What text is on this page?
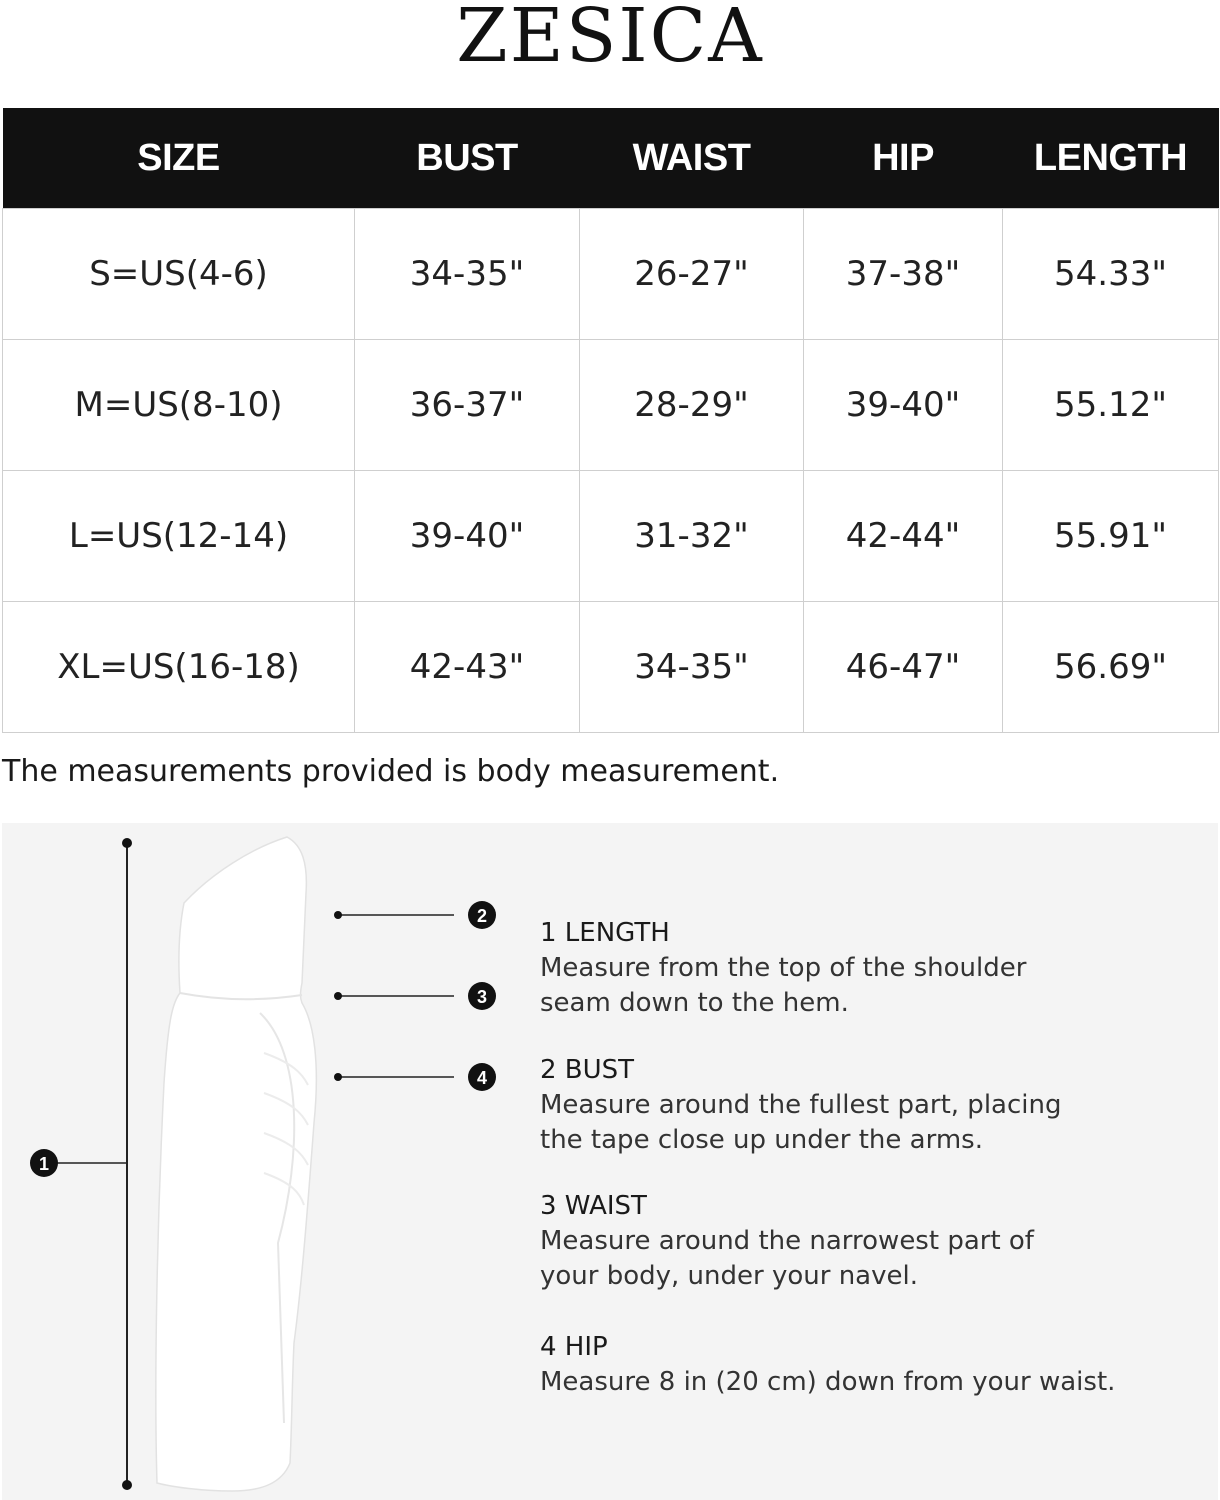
ZESICA
SIZE	BUST	WAIST	HIP	LENGTH
S=US(4-6)	34-35"	26-27"	37-38"	54.33"
M=US(8-10)	36-37"	28-29"	39-40"	55.12"
L=US(12-14)	39-40"	31-32"	42-44"	55.91"
XL=US(16-18)	42-43"	34-35"	46-47"	56.69"
The measurements provided is body measurement.
1
2
3
4
1 LENGTH
Measure from the top of the shoulder
seam down to the hem.
2 BUST
Measure around the fullest part, placing
the tape close up under the arms.
3 WAIST
Measure around the narrowest part of
your body, under your navel.
4 HIP
Measure 8 in (20 cm) down from your waist.
